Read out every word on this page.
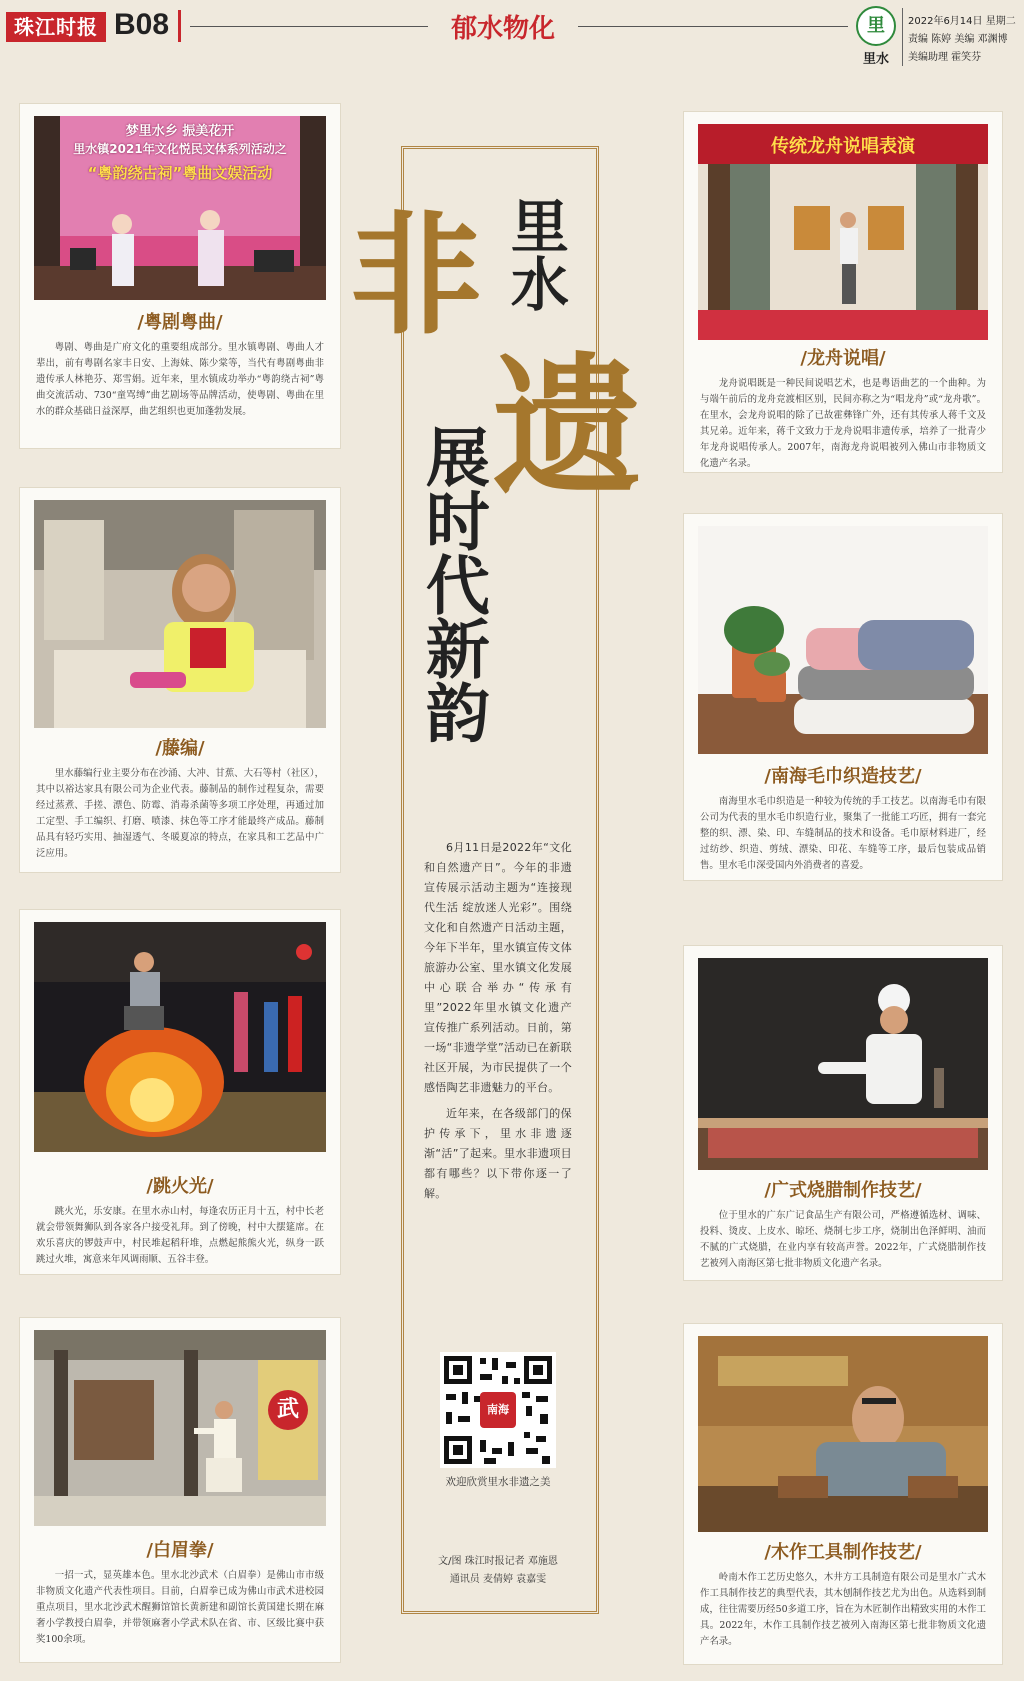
珠江时报 B08	郁水物化	里
里水
2022年6月14日 星期二
责编 陈婷 美编 邓渊博
美编助理 霍笑芬
梦里水乡 振美花开
里水镇2021年文化悦民文体系列活动之
“粤韵绕古祠”粤曲文娱活动
/粤剧粤曲/
粤剧、粤曲是广府文化的重要组成部分。里水镇粤剧、粤曲人才辈出，前有粤剧名家丰日安、上海妹、陈少棠等，当代有粤剧粤曲非遗传承人林艳芬、郑雪娟。近年来，里水镇成功举办“粤韵绕古祠”粤曲交流活动、730“童骂缚”曲艺剧场等品牌活动，使粤剧、粤曲在里水的群众基础日益深厚，曲艺组织也更加蓬勃发展。
/藤编/
里水藤编行业主要分布在沙涌、大冲、甘蕉、大石等村（社区），其中以裕达家具有限公司为企业代表。藤制品的制作过程复杂，需要经过蒸煮、手搓、漂色、防霉、消毒杀菌等多项工序处理，再通过加工定型、手工编织、打磨、喷漆、抹色等工序才能最终产成品。藤制品具有轻巧实用、抽湿透气、冬暖夏凉的特点，在家具和工艺品中广泛应用。
/跳火光/
跳火光，乐安康。在里水赤山村，每逢农历正月十五，村中长老就会带领舞狮队到各家各户接受礼拜。到了傍晚，村中大摆筵席。在欢乐喜庆的锣鼓声中，村民堆起稻秆堆，点燃起熊熊火光，纵身一跃跳过火堆，寓意来年风调雨顺、五谷丰登。
武
/白眉拳/
一招一式，显英雄本色。里水北沙武术（白眉拳）是佛山市市级非物质文化遗产代表性项目。目前，白眉拳已成为佛山市武术进校园重点项目，里水北沙武术醒狮馆馆长黄新建和副馆长黄国建长期在麻奢小学教授白眉拳，并带领麻奢小学武术队在省、市、区级比赛中获奖100余项。
里水
非
遗
展时代新韵

6月11日是2022年“文化和自然遗产日”。今年的非遗宣传展示活动主题为“连接现代生活 绽放迷人光彩”。围绕文化和自然遗产日活动主题，今年下半年，里水镇宣传文体旅游办公室、里水镇文化发展中心联合举办“传承有里”2022年里水镇文化遗产宣传推广系列活动。日前，第一场“非遗学堂”活动已在新联社区开展，为市民提供了一个感悟陶艺非遗魅力的平台。

近年来，在各级部门的保护传承下，里水非遗逐渐“活”了起来。里水非遗项目都有哪些？以下带你逐一了解。

南海
欢迎欣赏里水非遗之美
文/图 珠江时报记者 邓施恩
通讯员 麦倩婷 袁嘉雯
传统龙舟说唱表演
/龙舟说唱/
龙舟说唱既是一种民间说唱艺术，也是粤语曲艺的一个曲种。为与端午前后的龙舟竞渡相区别，民间亦称之为“唱龙舟”或“龙舟歌”。在里水，会龙舟说唱的除了已故霍彝锋广外，还有其传承人蒋千文及其兄弟。近年来，蒋千文致力于龙舟说唱非遗传承，培养了一批青少年龙舟说唱传承人。2007年，南海龙舟说唱被列入佛山市非物质文化遗产名录。
/南海毛巾织造技艺/
南海里水毛巾织造是一种较为传统的手工技艺。以南海毛巾有限公司为代表的里水毛巾织造行业，聚集了一批能工巧匠，拥有一套完整的织、漂、染、印、车缝制品的技术和设备。毛巾原材料进厂，经过纺纱、织造、剪绒、漂染、印花、车缝等工序，最后包装成品销售。里水毛巾深受国内外消费者的喜爱。
/广式烧腊制作技艺/
位于里水的广东广记食品生产有限公司，严格遵循选材、调味、投料、烫皮、上皮水、晾坯、烧制七步工序，烧制出色泽鲜明、油而不腻的广式烧腊，在业内享有较高声誉。2022年，广式烧腊制作技艺被列入南海区第七批非物质文化遗产名录。
/木作工具制作技艺/
岭南木作工艺历史悠久，木井方工具制造有限公司是里水广式木作工具制作技艺的典型代表，其木刨制作技艺尤为出色。从选料到制成，往往需要历经50多道工序，旨在为木匠制作出精致实用的木作工具。2022年，木作工具制作技艺被列入南海区第七批非物质文化遗产名录。
